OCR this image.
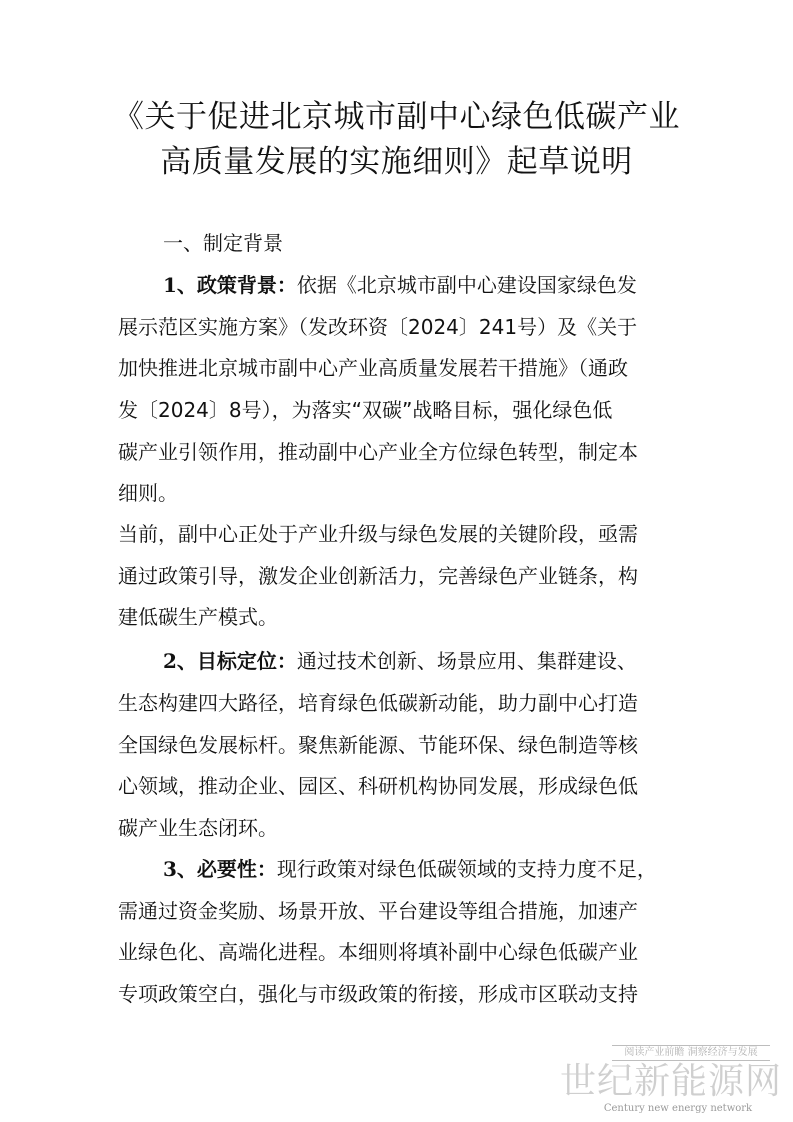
《关于促进北京城市副中心绿色低碳产业
高质量发展的实施细则》起草说明
一、制定背景
1、政策背景：依据《北京城市副中心建设国家绿色发
展示范区实施方案》（发改环资〔2024〕241号）及《关于
加快推进北京城市副中心产业高质量发展若干措施》（通政
发〔2024〕8号），为落实“双碳”战略目标，强化绿色低
碳产业引领作用，推动副中心产业全方位绿色转型，制定本
细则。
当前，副中心正处于产业升级与绿色发展的关键阶段，亟需
通过政策引导，激发企业创新活力，完善绿色产业链条，构
建低碳生产模式。
2、目标定位：通过技术创新、场景应用、集群建设、
生态构建四大路径，培育绿色低碳新动能，助力副中心打造
全国绿色发展标杆。聚焦新能源、节能环保、绿色制造等核
心领域，推动企业、园区、科研机构协同发展，形成绿色低
碳产业生态闭环。
3、必要性：现行政策对绿色低碳领域的支持力度不足，
需通过资金奖励、场景开放、平台建设等组合措施，加速产
业绿色化、高端化进程。本细则将填补副中心绿色低碳产业
专项政策空白，强化与市级政策的衔接，形成市区联动支持
阅读产业前瞻 洞察经济与发展
世纪新能源网
Century new energy network
